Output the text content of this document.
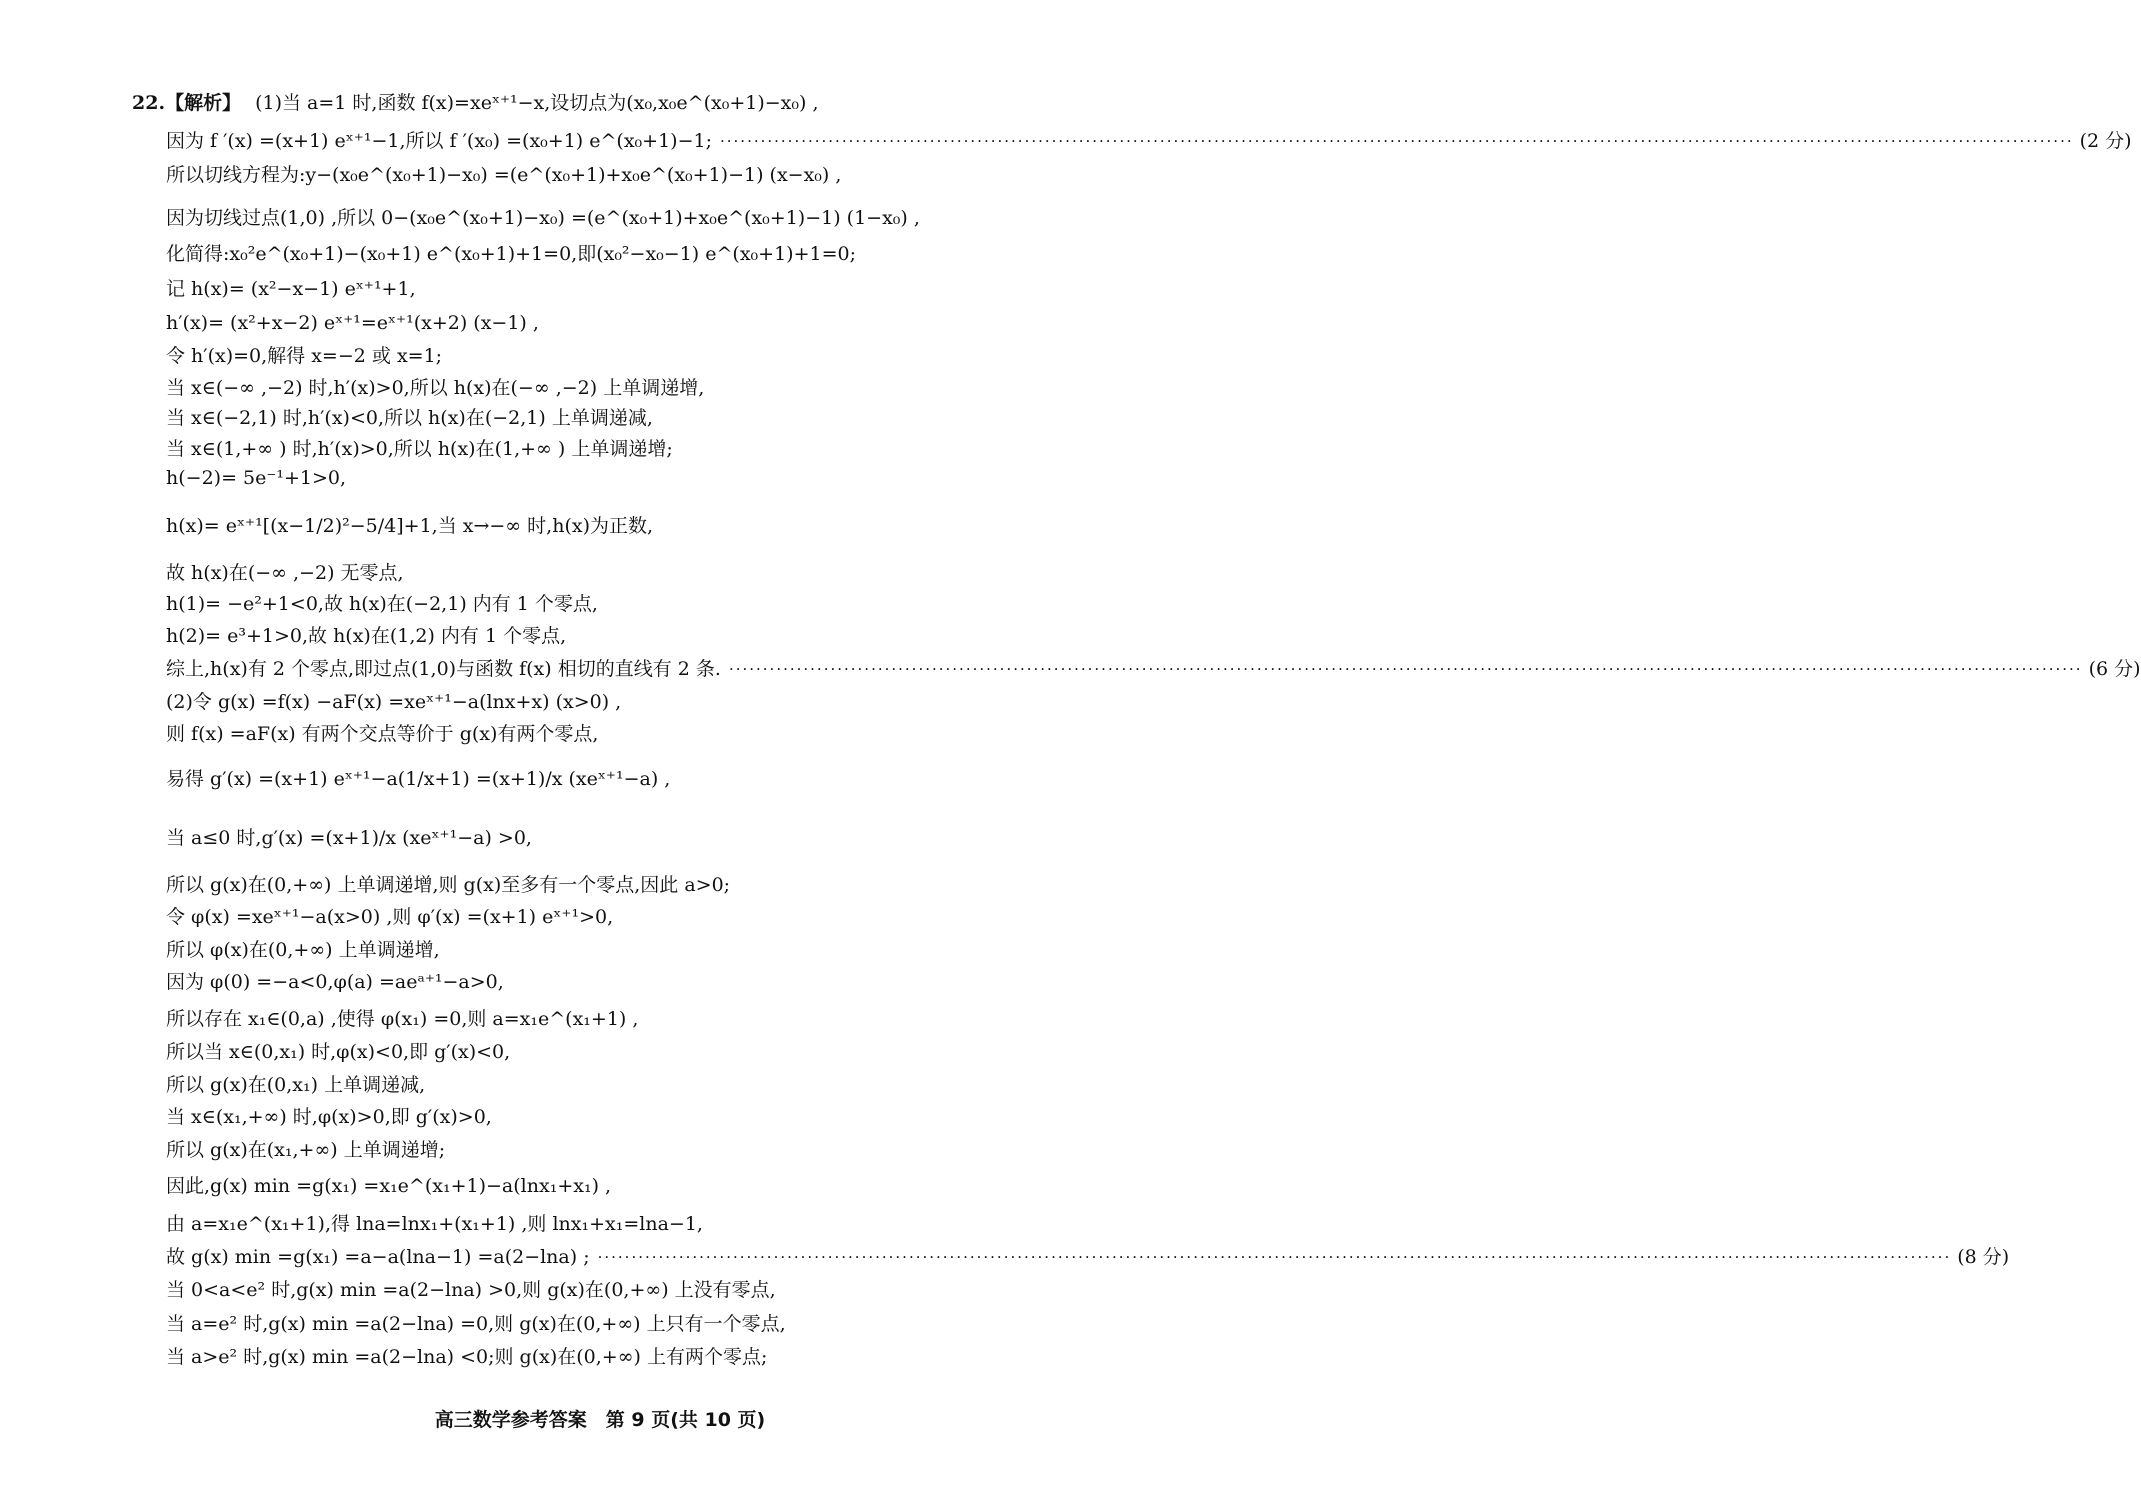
22. 【解析】 (1)当 a=1 时,函数 f(x)=xeˣ⁺¹−x,设切点为(x₀,x₀e^(x₀+1)−x₀) ,
因为 f ′(x) =(x+1) eˣ⁺¹−1,所以 f ′(x₀) =(x₀+1) e^(x₀+1)−1; ········································································································································································································ (2 分)
所以切线方程为:y−(x₀e^(x₀+1)−x₀) =(e^(x₀+1)+x₀e^(x₀+1)−1) (x−x₀) ,
因为切线过点(1,0) ,所以 0−(x₀e^(x₀+1)−x₀) =(e^(x₀+1)+x₀e^(x₀+1)−1) (1−x₀) ,
化简得:x₀²e^(x₀+1)−(x₀+1) e^(x₀+1)+1=0,即(x₀²−x₀−1) e^(x₀+1)+1=0;
记 h(x)= (x²−x−1) eˣ⁺¹+1,
h′(x)= (x²+x−2) eˣ⁺¹=eˣ⁺¹(x+2) (x−1) ,
令 h′(x)=0,解得 x=−2 或 x=1;
当 x∈(−∞ ,−2) 时,h′(x)>0,所以 h(x)在(−∞ ,−2) 上单调递增,
当 x∈(−2,1) 时,h′(x)<0,所以 h(x)在(−2,1) 上单调递减,
当 x∈(1,+∞ ) 时,h′(x)>0,所以 h(x)在(1,+∞ ) 上单调递增;
h(−2)= 5e⁻¹+1>0,
h(x)= eˣ⁺¹[(x−1/2)²−5/4]+1,当 x→−∞ 时,h(x)为正数,
故 h(x)在(−∞ ,−2) 无零点,
h(1)= −e²+1<0,故 h(x)在(−2,1) 内有 1 个零点,
h(2)= e³+1>0,故 h(x)在(1,2) 内有 1 个零点,
综上,h(x)有 2 个零点,即过点(1,0)与函数 f(x) 相切的直线有 2 条. ········································································································································································································ (6 分)
(2)令 g(x) =f(x) −aF(x) =xeˣ⁺¹−a(lnx+x) (x>0) ,
则 f(x) =aF(x) 有两个交点等价于 g(x)有两个零点,
易得 g′(x) =(x+1) eˣ⁺¹−a(1/x+1) =(x+1)/x (xeˣ⁺¹−a) ,
当 a≤0 时,g′(x) =(x+1)/x (xeˣ⁺¹−a) >0,
所以 g(x)在(0,+∞) 上单调递增,则 g(x)至多有一个零点,因此 a>0;
令 φ(x) =xeˣ⁺¹−a(x>0) ,则 φ′(x) =(x+1) eˣ⁺¹>0,
所以 φ(x)在(0,+∞) 上单调递增,
因为 φ(0) =−a<0,φ(a) =aeᵃ⁺¹−a>0,
所以存在 x₁∈(0,a) ,使得 φ(x₁) =0,则 a=x₁e^(x₁+1) ,
所以当 x∈(0,x₁) 时,φ(x)<0,即 g′(x)<0,
所以 g(x)在(0,x₁) 上单调递减,
当 x∈(x₁,+∞) 时,φ(x)>0,即 g′(x)>0,
所以 g(x)在(x₁,+∞) 上单调递增;
因此,g(x) min =g(x₁) =x₁e^(x₁+1)−a(lnx₁+x₁) ,
由 a=x₁e^(x₁+1),得 lna=lnx₁+(x₁+1) ,则 lnx₁+x₁=lna−1,
故 g(x) min =g(x₁) =a−a(lna−1) =a(2−lna) ; ········································································································································································································ (8 分)
当 0<a<e² 时,g(x) min =a(2−lna) >0,则 g(x)在(0,+∞) 上没有零点,
当 a=e² 时,g(x) min =a(2−lna) =0,则 g(x)在(0,+∞) 上只有一个零点,
当 a>e² 时,g(x) min =a(2−lna) <0;则 g(x)在(0,+∞) 上有两个零点;
高三数学参考答案　第 9 页(共 10 页)
